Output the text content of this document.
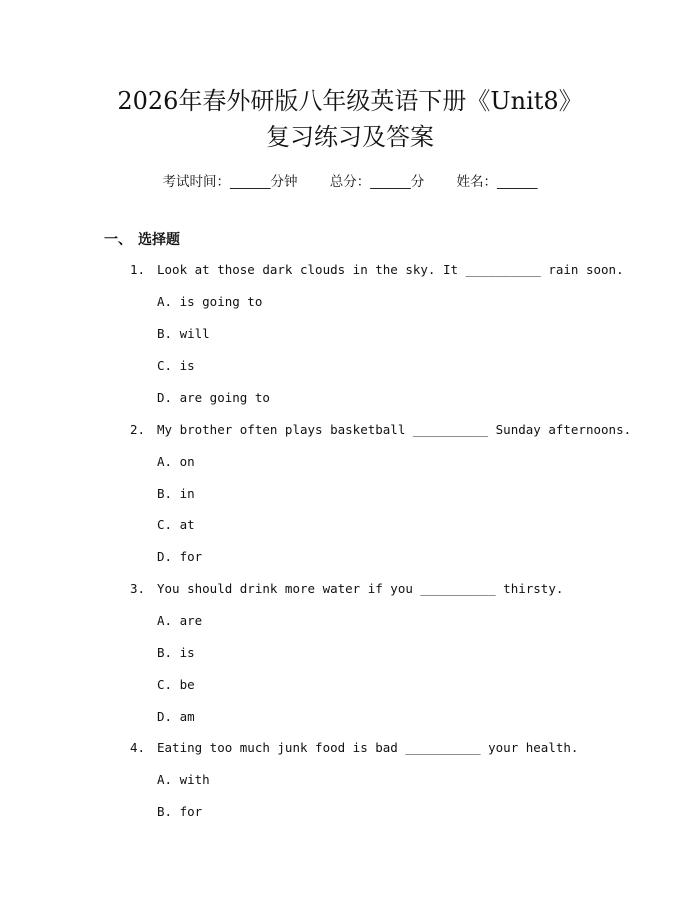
2026年春外研版八年级英语下册《Unit8》
复习练习及答案
考试时间：______分钟 总分：______分 姓名：______
一、 选择题
1. Look at those dark clouds in the sky. It __________ rain soon.
A. is going to
B. will
C. is
D. are going to
2. My brother often plays basketball __________ Sunday afternoons.
A. on
B. in
C. at
D. for
3. You should drink more water if you __________ thirsty.
A. are
B. is
C. be
D. am
4. Eating too much junk food is bad __________ your health.
A. with
B. for
